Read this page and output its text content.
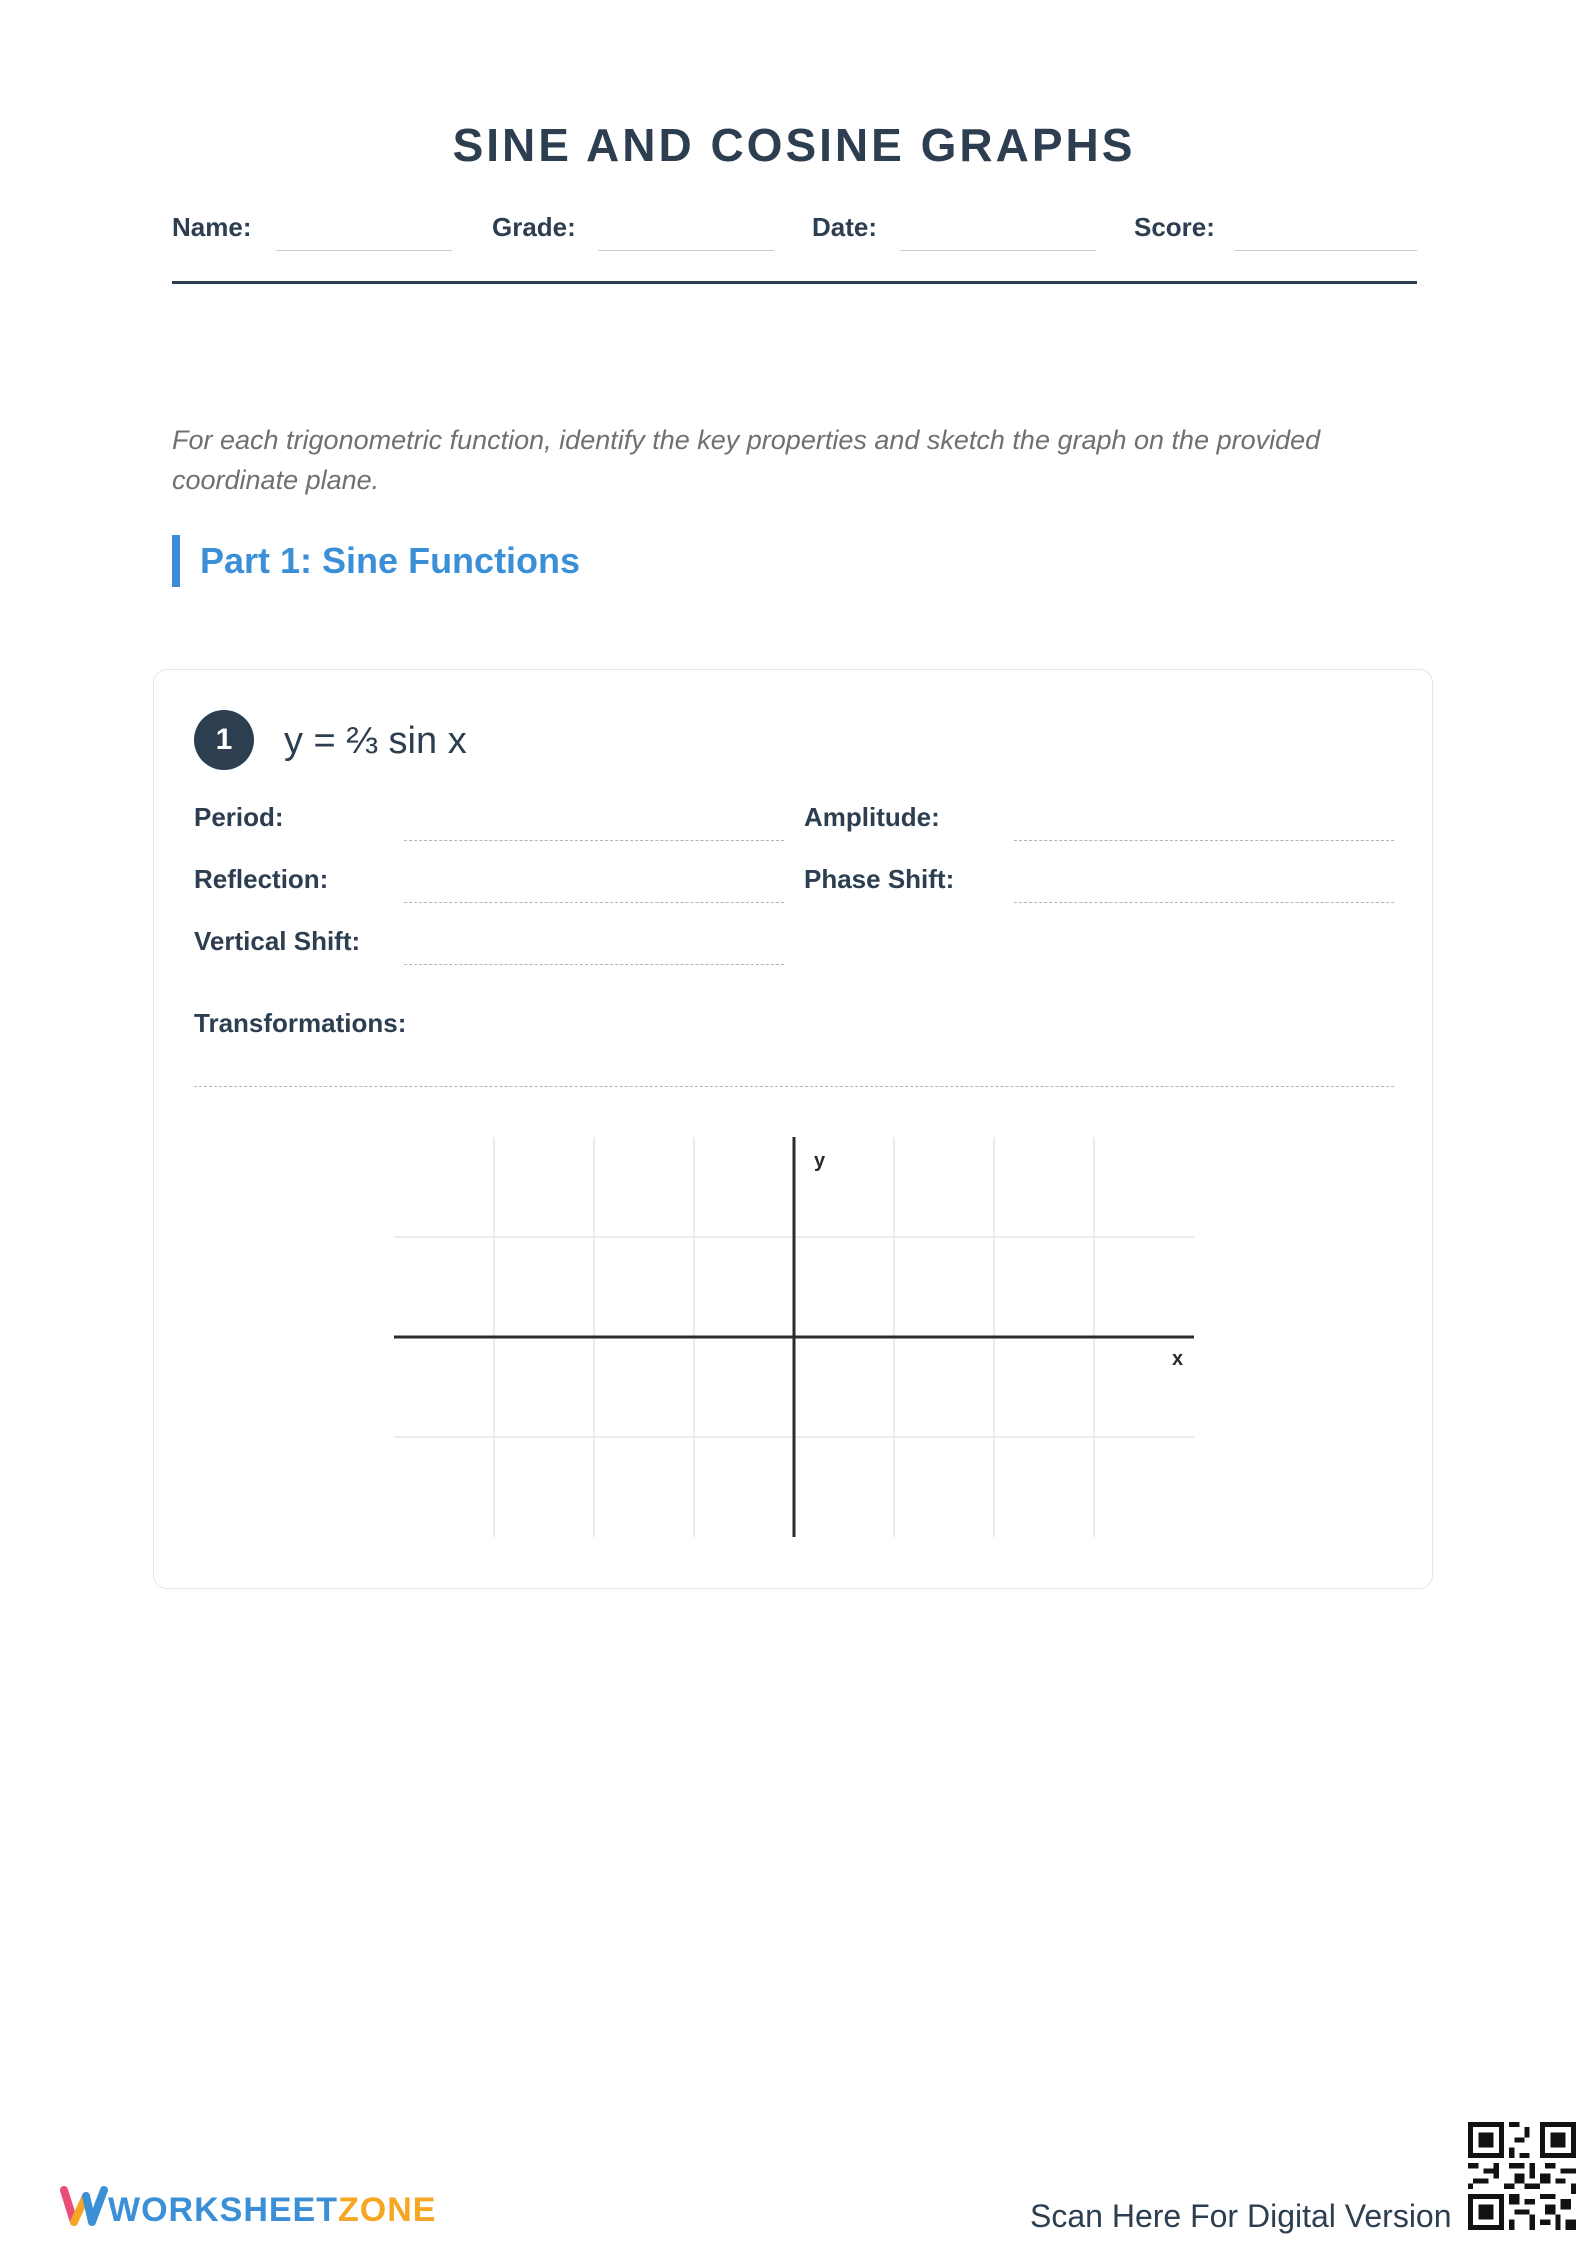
SINE AND COSINE GRAPHS
Name:	Grade:	Date:	Score:
For each trigonometric function, identify the key properties and sketch the graph on the provided coordinate plane.
Part 1: Sine Functions
1	y = ⅔ sin x
Period:	Amplitude:
Reflection:	Phase Shift:
Vertical Shift:
Transformations:
y
x
WORKSHEETZONE	Scan Here For Digital Version
